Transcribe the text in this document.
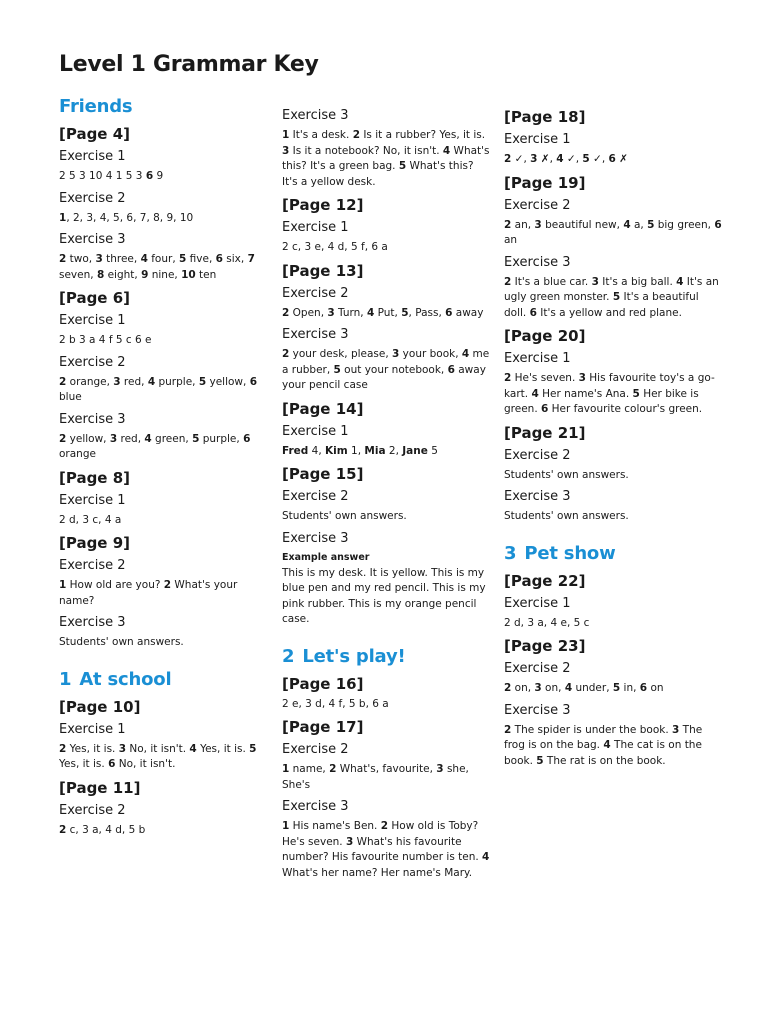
Level 1 Grammar Key
Friends
[Page 4]
Exercise 1
2 5 3 10 4 1 5 3 6 9
Exercise 2
1, 2, 3, 4, 5, 6, 7, 8, 9, 10
Exercise 3
2 two, 3 three, 4 four, 5 five, 6 six, 7 seven, 8 eight, 9 nine, 10 ten
[Page 6]
Exercise 1
2 b 3 a 4 f 5 c 6 e
Exercise 2
2 orange, 3 red, 4 purple, 5 yellow, 6 blue
Exercise 3
2 yellow, 3 red, 4 green, 5 purple, 6 orange
[Page 8]
Exercise 1
2 d, 3 c, 4 a
[Page 9]
Exercise 2
1 How old are you? 2 What's your name?
Exercise 3
Students' own answers.
1 At school
[Page 10]
Exercise 1
2 Yes, it is. 3 No, it isn't. 4 Yes, it is. 5 Yes, it is. 6 No, it isn't.
[Page 11]
Exercise 2
2 c, 3 a, 4 d, 5 b
Exercise 3
1 It's a desk. 2 Is it a rubber? Yes, it is. 3 Is it a notebook? No, it isn't. 4 What's this? It's a green bag. 5 What's this? It's a yellow desk.
[Page 12]
Exercise 1
2 c, 3 e, 4 d, 5 f, 6 a
[Page 13]
Exercise 2
2 Open, 3 Turn, 4 Put, 5, Pass, 6 away
Exercise 3
2 your desk, please, 3 your book, 4 me a rubber, 5 out your notebook, 6 away your pencil case
[Page 14]
Exercise 1
Fred 4, Kim 1, Mia 2, Jane 5
[Page 15]
Exercise 2
Students' own answers.
Exercise 3
Example answer
This is my desk. It is yellow. This is my blue pen and my red pencil. This is my pink rubber. This is my orange pencil case.
2 Let's play!
[Page 16]
2 e, 3 d, 4 f, 5 b, 6 a
[Page 17]
Exercise 2
1 name, 2 What's, favourite, 3 she, She's
Exercise 3
1 His name's Ben. 2 How old is Toby? He's seven. 3 What's his favourite number? His favourite number is ten. 4 What's her name? Her name's Mary.
[Page 18]
Exercise 1
2 ✓, 3 ✗, 4 ✓, 5 ✓, 6 ✗
[Page 19]
Exercise 2
2 an, 3 beautiful new, 4 a, 5 big green, 6 an
Exercise 3
2 It's a blue car. 3 It's a big ball. 4 It's an ugly green monster. 5 It's a beautiful doll. 6 It's a yellow and red plane.
[Page 20]
Exercise 1
2 He's seven. 3 His favourite toy's a go-kart. 4 Her name's Ana. 5 Her bike is green. 6 Her favourite colour's green.
[Page 21]
Exercise 2
Students' own answers.
Exercise 3
Students' own answers.
3 Pet show
[Page 22]
Exercise 1
2 d, 3 a, 4 e, 5 c
[Page 23]
Exercise 2
2 on, 3 on, 4 under, 5 in, 6 on
Exercise 3
2 The spider is under the book. 3 The frog is on the bag. 4 The cat is on the book. 5 The rat is on the book.
